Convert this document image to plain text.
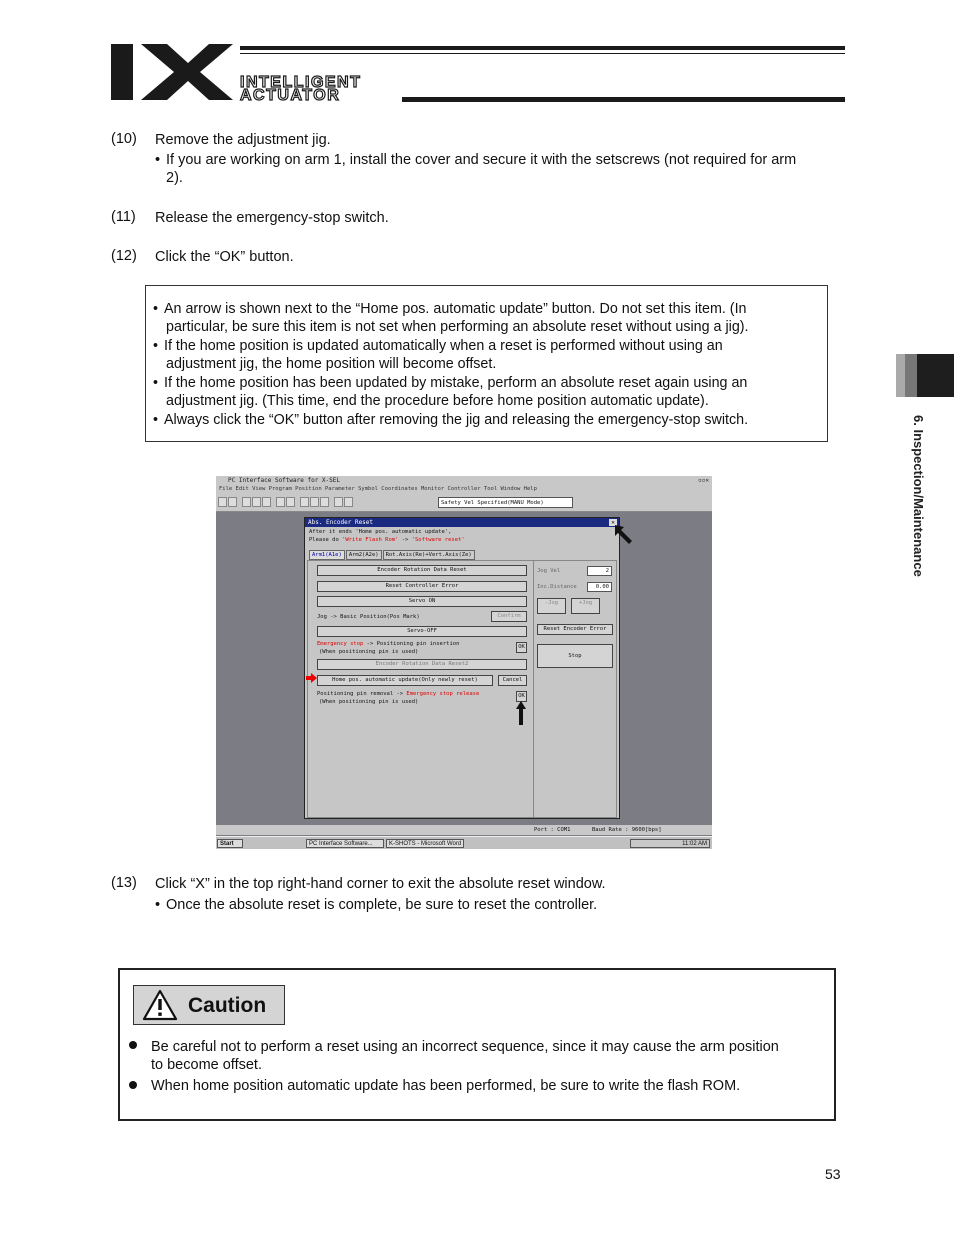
INTELLIGENT
ACTUATOR
(10) Remove the adjustment jig.
• If you are working on arm 1, install the cover and secure it with the setscrews (not required for arm
2).
(11) Release the emergency-stop switch.
(12) Click the “OK” button.
• An arrow is shown next to the “Home pos. automatic update” button. Do not set this item. (In
particular, be sure this item is not set when performing an absolute reset without using a jig).
• If the home position is updated automatically when a reset is performed without using an
adjustment jig, the home position will become offset.
• If the home position has been updated by mistake, perform an absolute reset again using an
adjustment jig. (This time, end the procedure before home position automatic update).
• Always click the “OK” button after removing the jig and releasing the emergency-stop switch.	6. Inspection/Maintenance
PC Interface Software for X-SEL	▫▫✕
File Edit View Program Position Parameter Symbol Coordinates Monitor Controller Tool Window Help
Safety Vel Specified(MANU Mode)
Abs. Encoder Reset	✕
After it ends 'Home pos. automatic update',
Please do 'Write Flash Rom' -> 'Software reset'
Arm1(A1e) Arm2(A2e) Rot.Axis(Re)+Vert.Axis(Ze)
Encoder Rotation Data Reset
Reset Controller Error
Servo ON
Jog -> Basic Position(Pos Mark)	Confirm
Servo-OFF
Emergency stop -> Positioning pin insertion
(When positioning pin is used)
OK
Encoder Rotation Data Reset2
Home pos. automatic update(Only newly reset)	Cancel
Positioning pin removal -> Emergency stop release
(When positioning pin is used)
OK
Jog Vel	2
Inc.Distance	0.00
-Jog	+Jog
Reset Encoder Error
Stop
Port : COM1	Baud Rate : 9600[bps]
Start	PC Interface Software...	K-SHOTS - Microsoft Word	11:02 AM
(13) Click “X” in the top right-hand corner to exit the absolute reset window.
• Once the absolute reset is complete, be sure to reset the controller.
Caution
Be careful not to perform a reset using an incorrect sequence, since it may cause the arm position
to become offset.
When home position automatic update has been performed, be sure to write the flash ROM.
53
